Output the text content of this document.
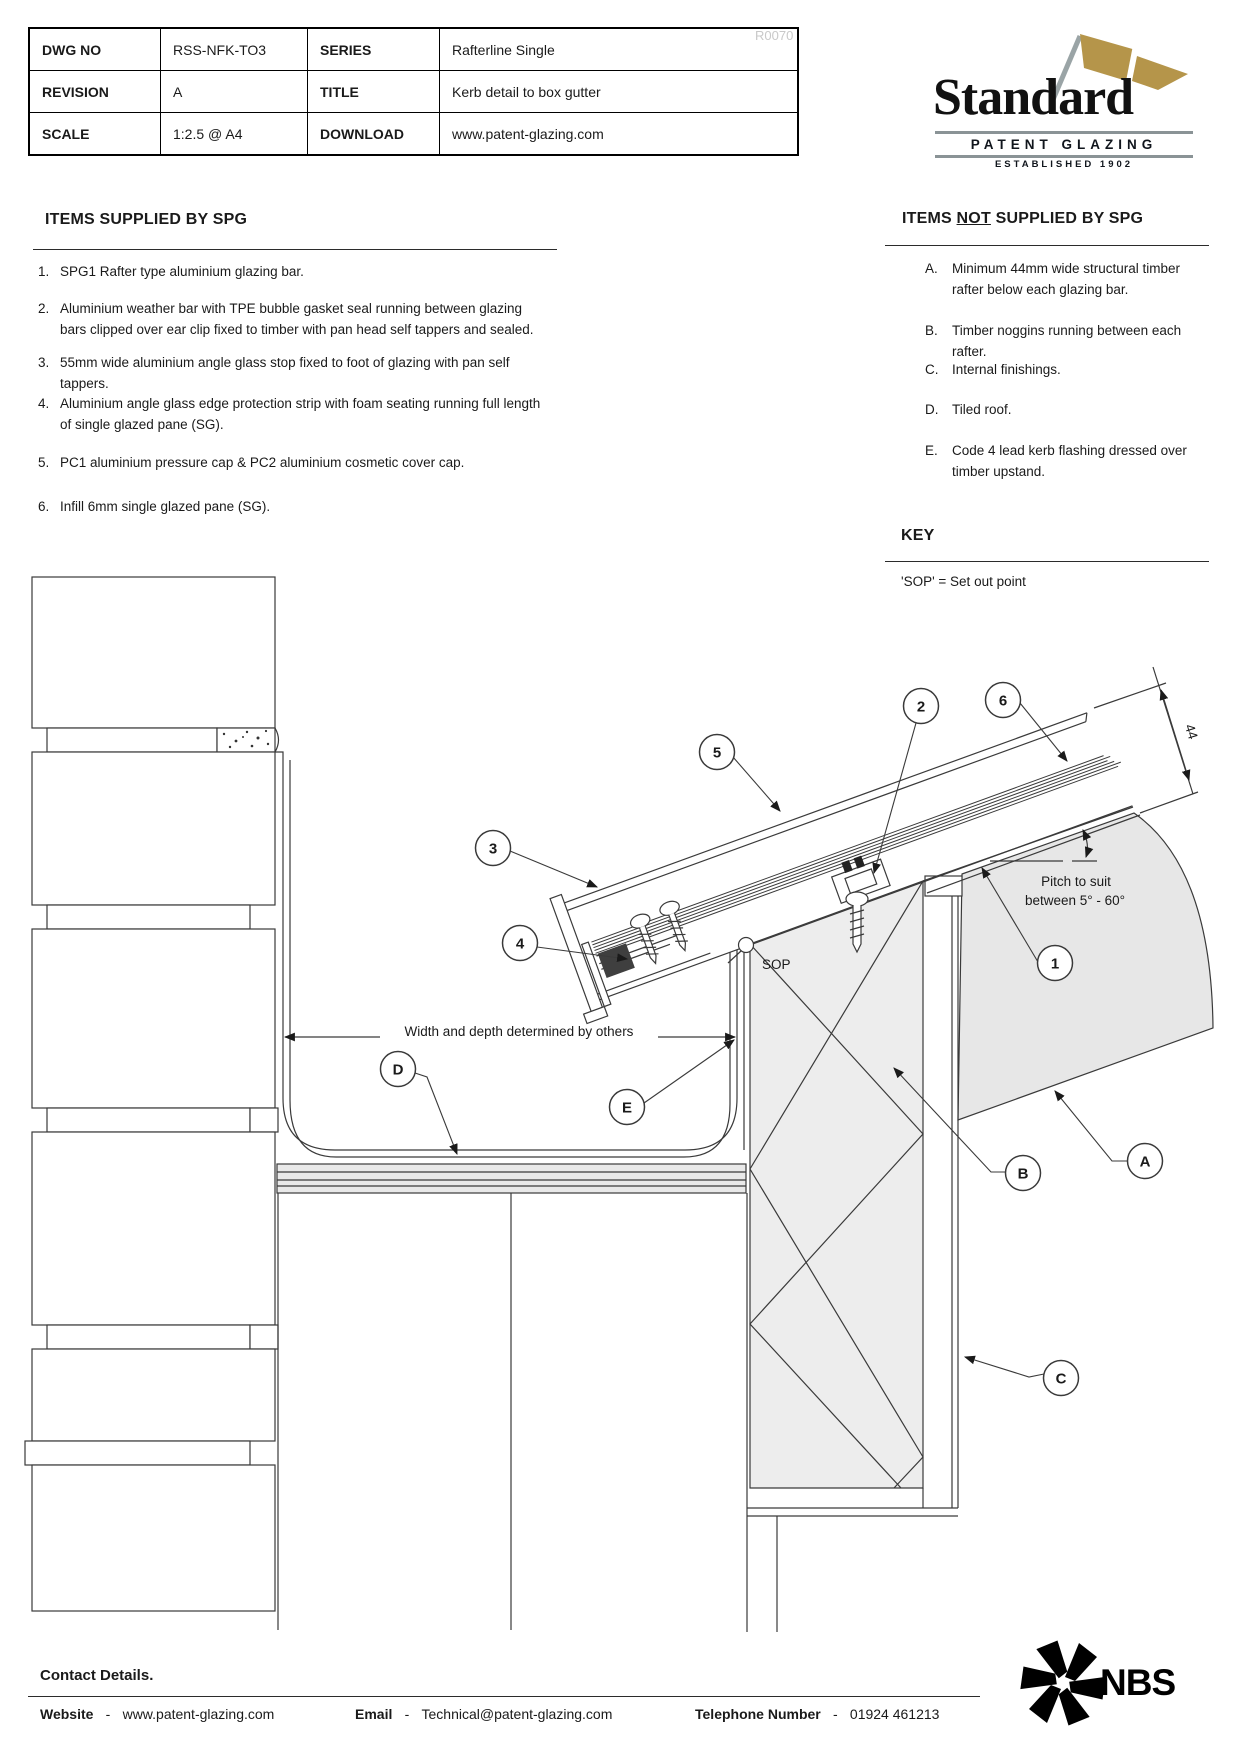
R0070
DWG NO	RSS-NFK-TO3	SERIES	Rafterline Single
REVISION	A	TITLE	Kerb detail to box gutter
SCALE	1:2.5 @ A4	DOWNLOAD	www.patent-glazing.com
Standard
PATENT GLAZING
ESTABLISHED 1902
ITEMS SUPPLIED BY SPG
1. SPG1 Rafter type aluminium glazing bar.
2. Aluminium weather bar with TPE bubble gasket seal running between glazing bars clipped over ear clip fixed to timber with pan head self tappers and sealed.
3. 55mm wide aluminium angle glass stop fixed to foot of glazing with pan self tappers.
4. Aluminium angle glass edge protection strip with foam seating running full length of single glazed pane (SG).
5. PC1 aluminium pressure cap & PC2 aluminium cosmetic cover cap.
6. Infill 6mm single glazed pane (SG).
ITEMS NOT SUPPLIED BY SPG
A. Minimum 44mm wide structural timber rafter below each glazing bar.
B. Timber noggins running between each rafter.
C. Internal finishings.
D. Tiled roof.
E. Code 4 lead kerb flashing dressed over timber upstand.
KEY
'SOP' = Set out point
1
2
3
4
5
6
A
B
C
D
E
SOP
Width and depth determined by others
Pitch to suit
between 5° - 60°
44
Contact Details.
Website - www.patent-glazing.com	Email - Technical@patent-glazing.com	Telephone Number - 01924 461213
NBS
